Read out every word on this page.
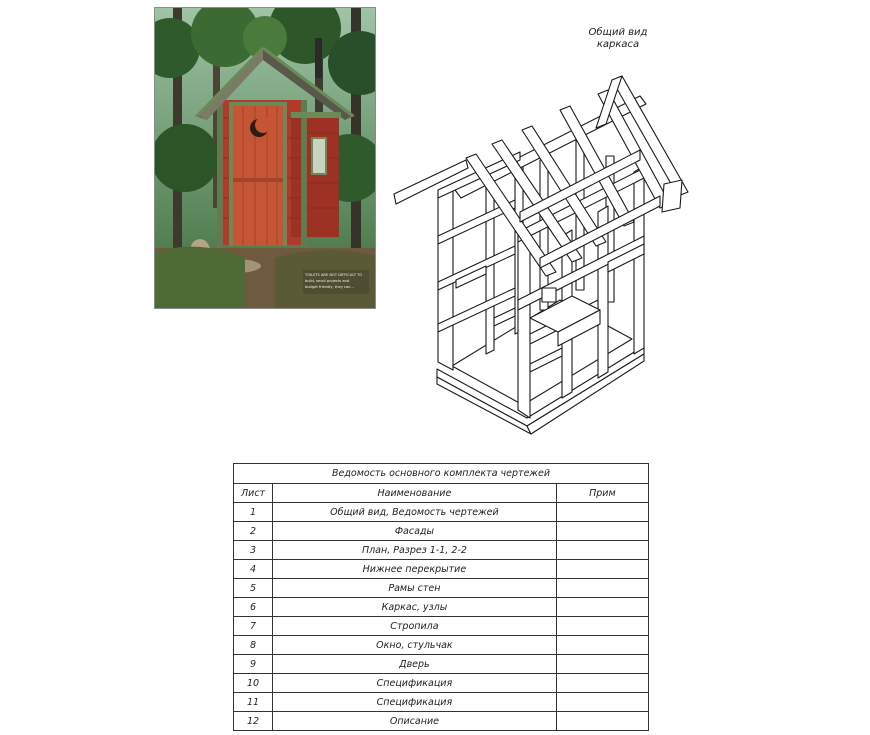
TOILETS ARE NOT DIFFICULT TO
build, small projects and
budget friendly, they can...
Общий вид
каркаса
Ведомость основного комплекта чертежей		
Лист	Наименование	Прим
1	Общий вид, Ведомость чертежей	
2	Фасады	
3	План, Разрез 1-1, 2-2	
4	Нижнее перекрытие	
5	Рамы стен	
6	Каркас, узлы	
7	Стропила	
8	Окно, стульчак	
9	Дверь	
10	Спецификация	
11	Спецификация	
12	Описание	
